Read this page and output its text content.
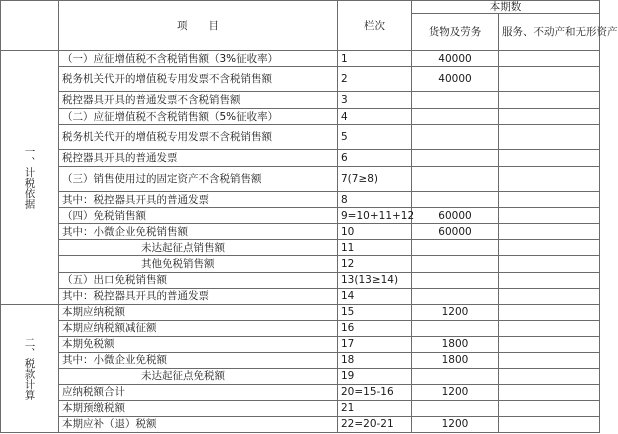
	项　　目	栏次	本期数	
			货物及劳务	服务、不动产和无形资产
一、计税依据	（一）应征增值税不含税销售额（3%征收率）	1	40000	
	税务机关代开的增值税专用发票不含税销售额	2	40000	
	税控器具开具的普通发票不含税销售额	3		
	（二）应征增值税不含税销售额（5%征收率）	4		
	税务机关代开的增值税专用发票不含税销售额	5		
	税控器具开具的普通发票	6		
	（三）销售使用过的固定资产不含税销售额	7(7≥8)		
	其中：税控器具开具的普通发票	8		
	（四）免税销售额	9=10+11+12	60000	
	其中：小微企业免税销售额	10	60000	
	未达起征点销售额	11		
	其他免税销售额	12		
	（五）出口免税销售额	13(13≥14)		
	其中：税控器具开具的普通发票	14		
二、税款计算	本期应纳税额	15	1200	
	本期应纳税额减征额	16		
	本期免税额	17	1800	
	其中：小微企业免税额	18	1800	
	未达起征点免税额	19		
	应纳税额合计	20=15-16	1200	
	本期预缴税额	21		
	本期应补（退）税额	22=20-21	1200	
